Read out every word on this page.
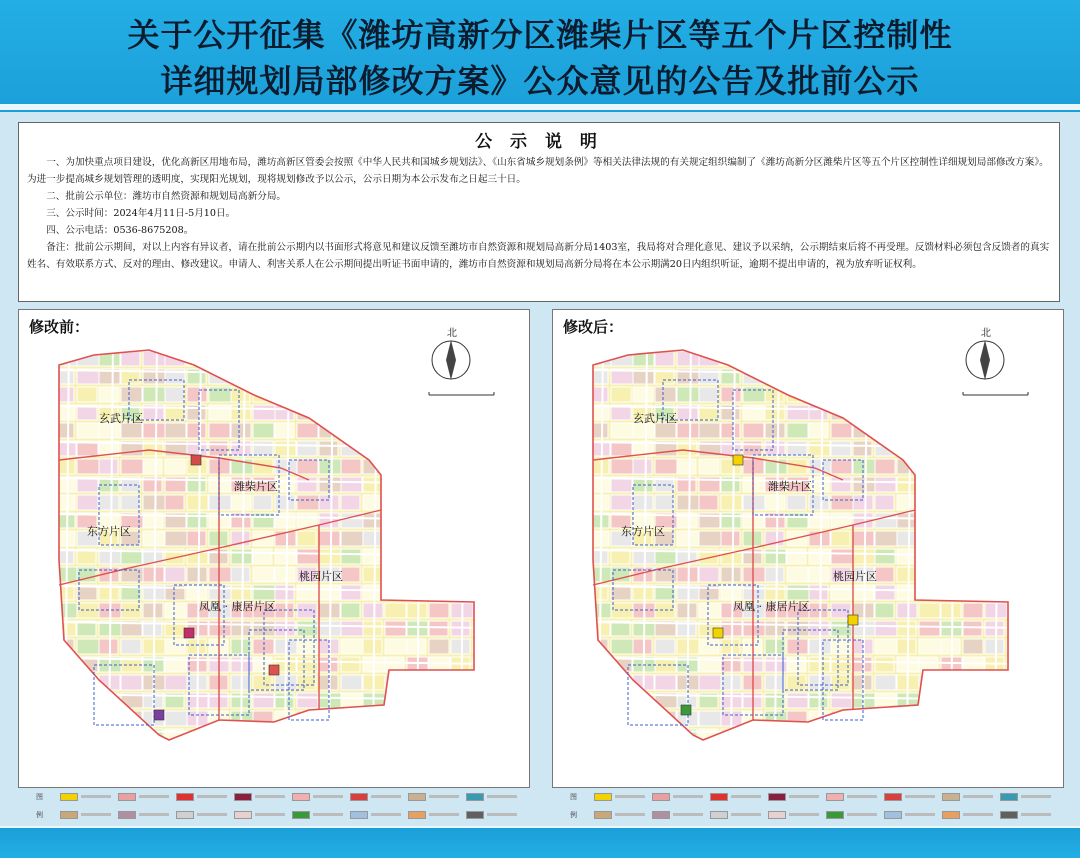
关于公开征集《潍坊高新分区潍柴片区等五个片区控制性
详细规划局部修改方案》公众意见的公告及批前公示
公 示 说 明

一、为加快重点项目建设，优化高新区用地布局，潍坊高新区管委会按照《中华人民共和国城乡规划法》、《山东省城乡规划条例》等相关法律法规的有关规定组织编制了《潍坊高新分区潍柴片区等五个片区控制性详细规划局部修改方案》。为进一步提高城乡规划管理的透明度，实现阳光规划，现将规划修改予以公示，公示日期为本公示发布之日起三十日。

二、批前公示单位：潍坊市自然资源和规划局高新分局。

三、公示时间：2024年4月11日-5月10日。

四、公示电话：0536-8675208。

备注：批前公示期间，对以上内容有异议者，请在批前公示期内以书面形式将意见和建议反馈至潍坊市自然资源和规划局高新分局1403室，我局将对合理化意见、建议予以采纳，公示期结束后将不再受理。反馈材料必须包含反馈者的真实姓名、有效联系方式、反对的理由、修改建议。申请人、利害关系人在公示期间提出听证书面申请的，潍坊市自然资源和规划局高新分局将在本公示期满20日内组织听证，逾期不提出申请的，视为放弃听证权利。

玄武片区
潍柴片区
东方片区
桃园片区
凤凰 · 康居片区
北
修改前：
玄武片区
潍柴片区
东方片区
桃园片区
凤凰 · 康居片区
北
修改后：
图
例
图
例
